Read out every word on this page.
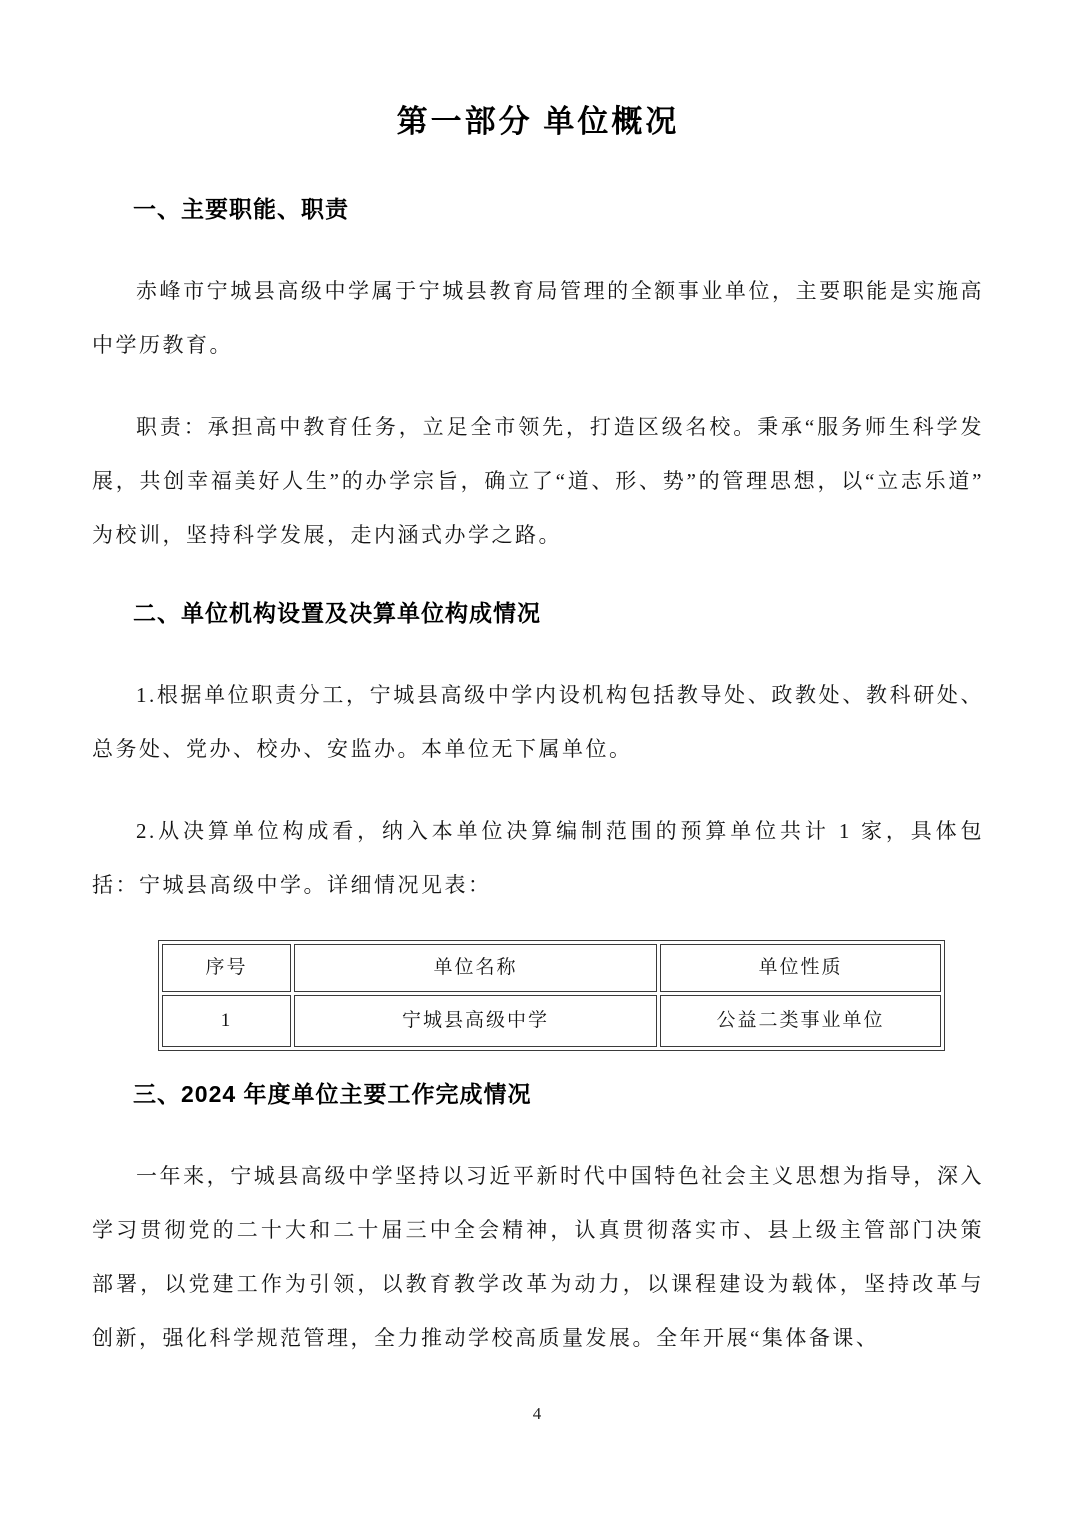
第一部分 单位概况
一、主要职能、职责

赤峰市宁城县高级中学属于宁城县教育局管理的全额事业单位，主要职能是实施高中学历教育。

职责：承担高中教育任务，立足全市领先，打造区级名校。秉承“服务师生科学发展，共创幸福美好人生”的办学宗旨，确立了“道、形、势”的管理思想，以“立志乐道”为校训，坚持科学发展，走内涵式办学之路。

二、单位机构设置及决算单位构成情况

1.根据单位职责分工，宁城县高级中学内设机构包括教导处、政教处、教科研处、总务处、党办、校办、安监办。本单位无下属单位。

2.从决算单位构成看，纳入本单位决算编制范围的预算单位共计 1 家，具体包括：宁城县高级中学。详细情况见表：

序号	单位名称	单位性质
1	宁城县高级中学	公益二类事业单位
三、2024 年度单位主要工作完成情况

一年来，宁城县高级中学坚持以习近平新时代中国特色社会主义思想为指导，深入学习贯彻党的二十大和二十届三中全会精神，认真贯彻落实市、县上级主管部门决策部署，以党建工作为引领，以教育教学改革为动力，以课程建设为载体，坚持改革与创新，强化科学规范管理，全力推动学校高质量发展。全年开展“集体备课、

4
